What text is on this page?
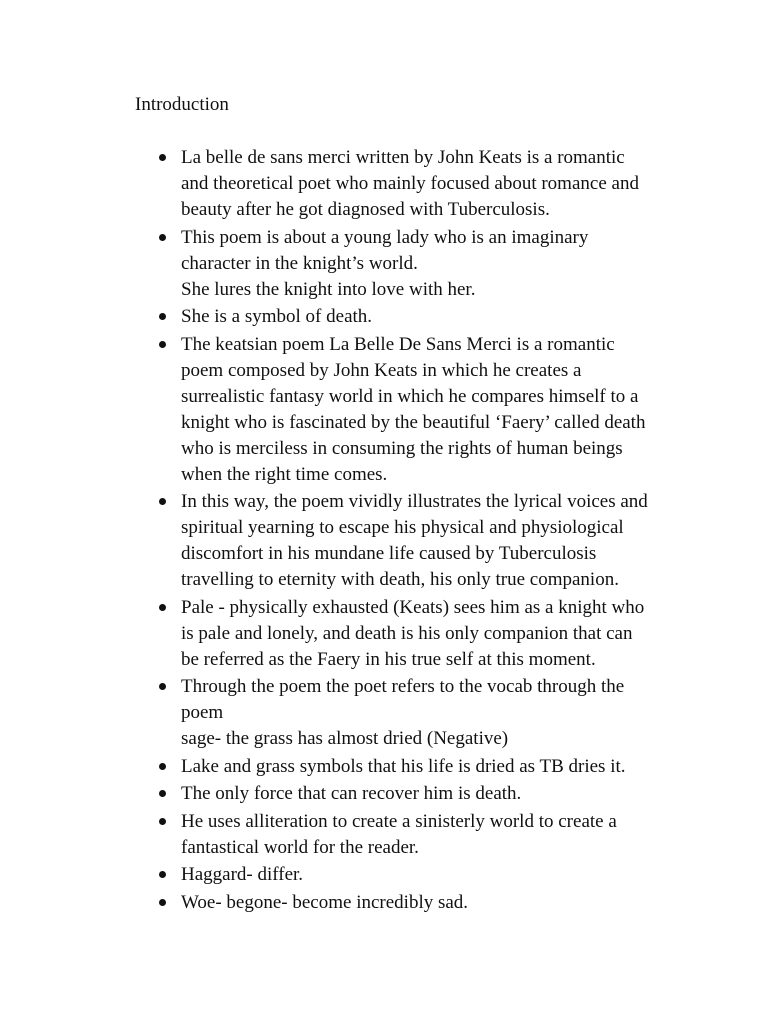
Introduction
La belle de sans merci written by John Keats is a romantic
and theoretical poet who mainly focused about romance and
beauty after he got diagnosed with Tuberculosis.
This poem is about a young lady who is an imaginary
character in the knight’s world.
She lures the knight into love with her.
She is a symbol of death.
The keatsian poem La Belle De Sans Merci is a romantic
poem composed by John Keats in which he creates a
surrealistic fantasy world in which he compares himself to a
knight who is fascinated by the beautiful ‘Faery’ called death
who is merciless in consuming the rights of human beings
when the right time comes.
In this way, the poem vividly illustrates the lyrical voices and
spiritual yearning to escape his physical and physiological
discomfort in his mundane life caused by Tuberculosis
travelling to eternity with death, his only true companion.
Pale - physically exhausted (Keats) sees him as a knight who
is pale and lonely, and death is his only companion that can
be referred as the Faery in his true self at this moment.
Through the poem the poet refers to the vocab through the
poem
sage- the grass has almost dried (Negative)
Lake and grass symbols that his life is dried as TB dries it.
The only force that can recover him is death.
He uses alliteration to create a sinisterly world to create a
fantastical world for the reader.
Haggard- differ.
Woe- begone- become incredibly sad.
